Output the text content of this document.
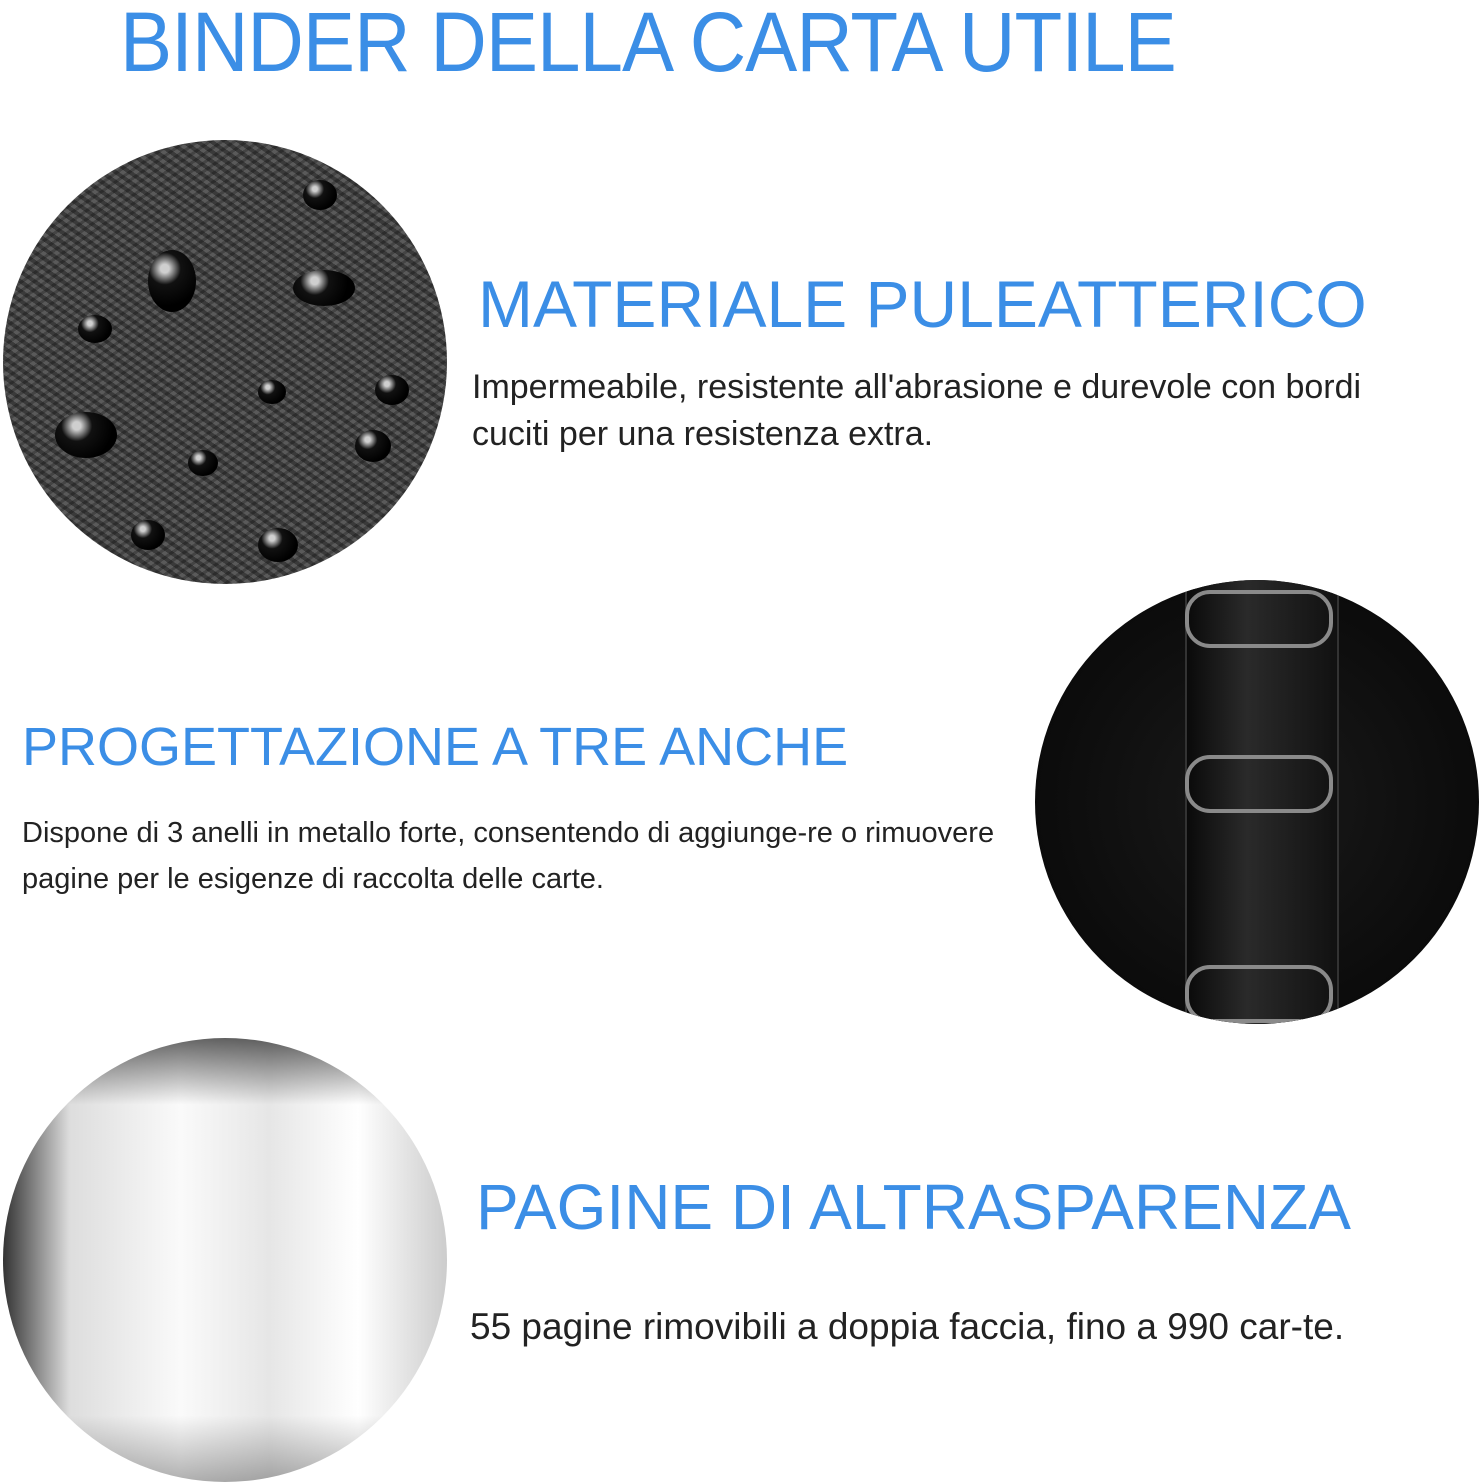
BINDER DELLA CARTA UTILE
MATERIALE PULEATTERICO
Impermeabile, resistente all'abrasione e durevole con bordi cuciti per una resistenza extra.
PROGETTAZIONE A TRE ANCHE
Dispone di 3 anelli in metallo forte, consentendo di aggiunge-re o rimuovere pagine per le esigenze di raccolta delle carte.
PAGINE DI ALTRASPARENZA
55 pagine rimovibili a doppia faccia, fino a 990 car-te.
